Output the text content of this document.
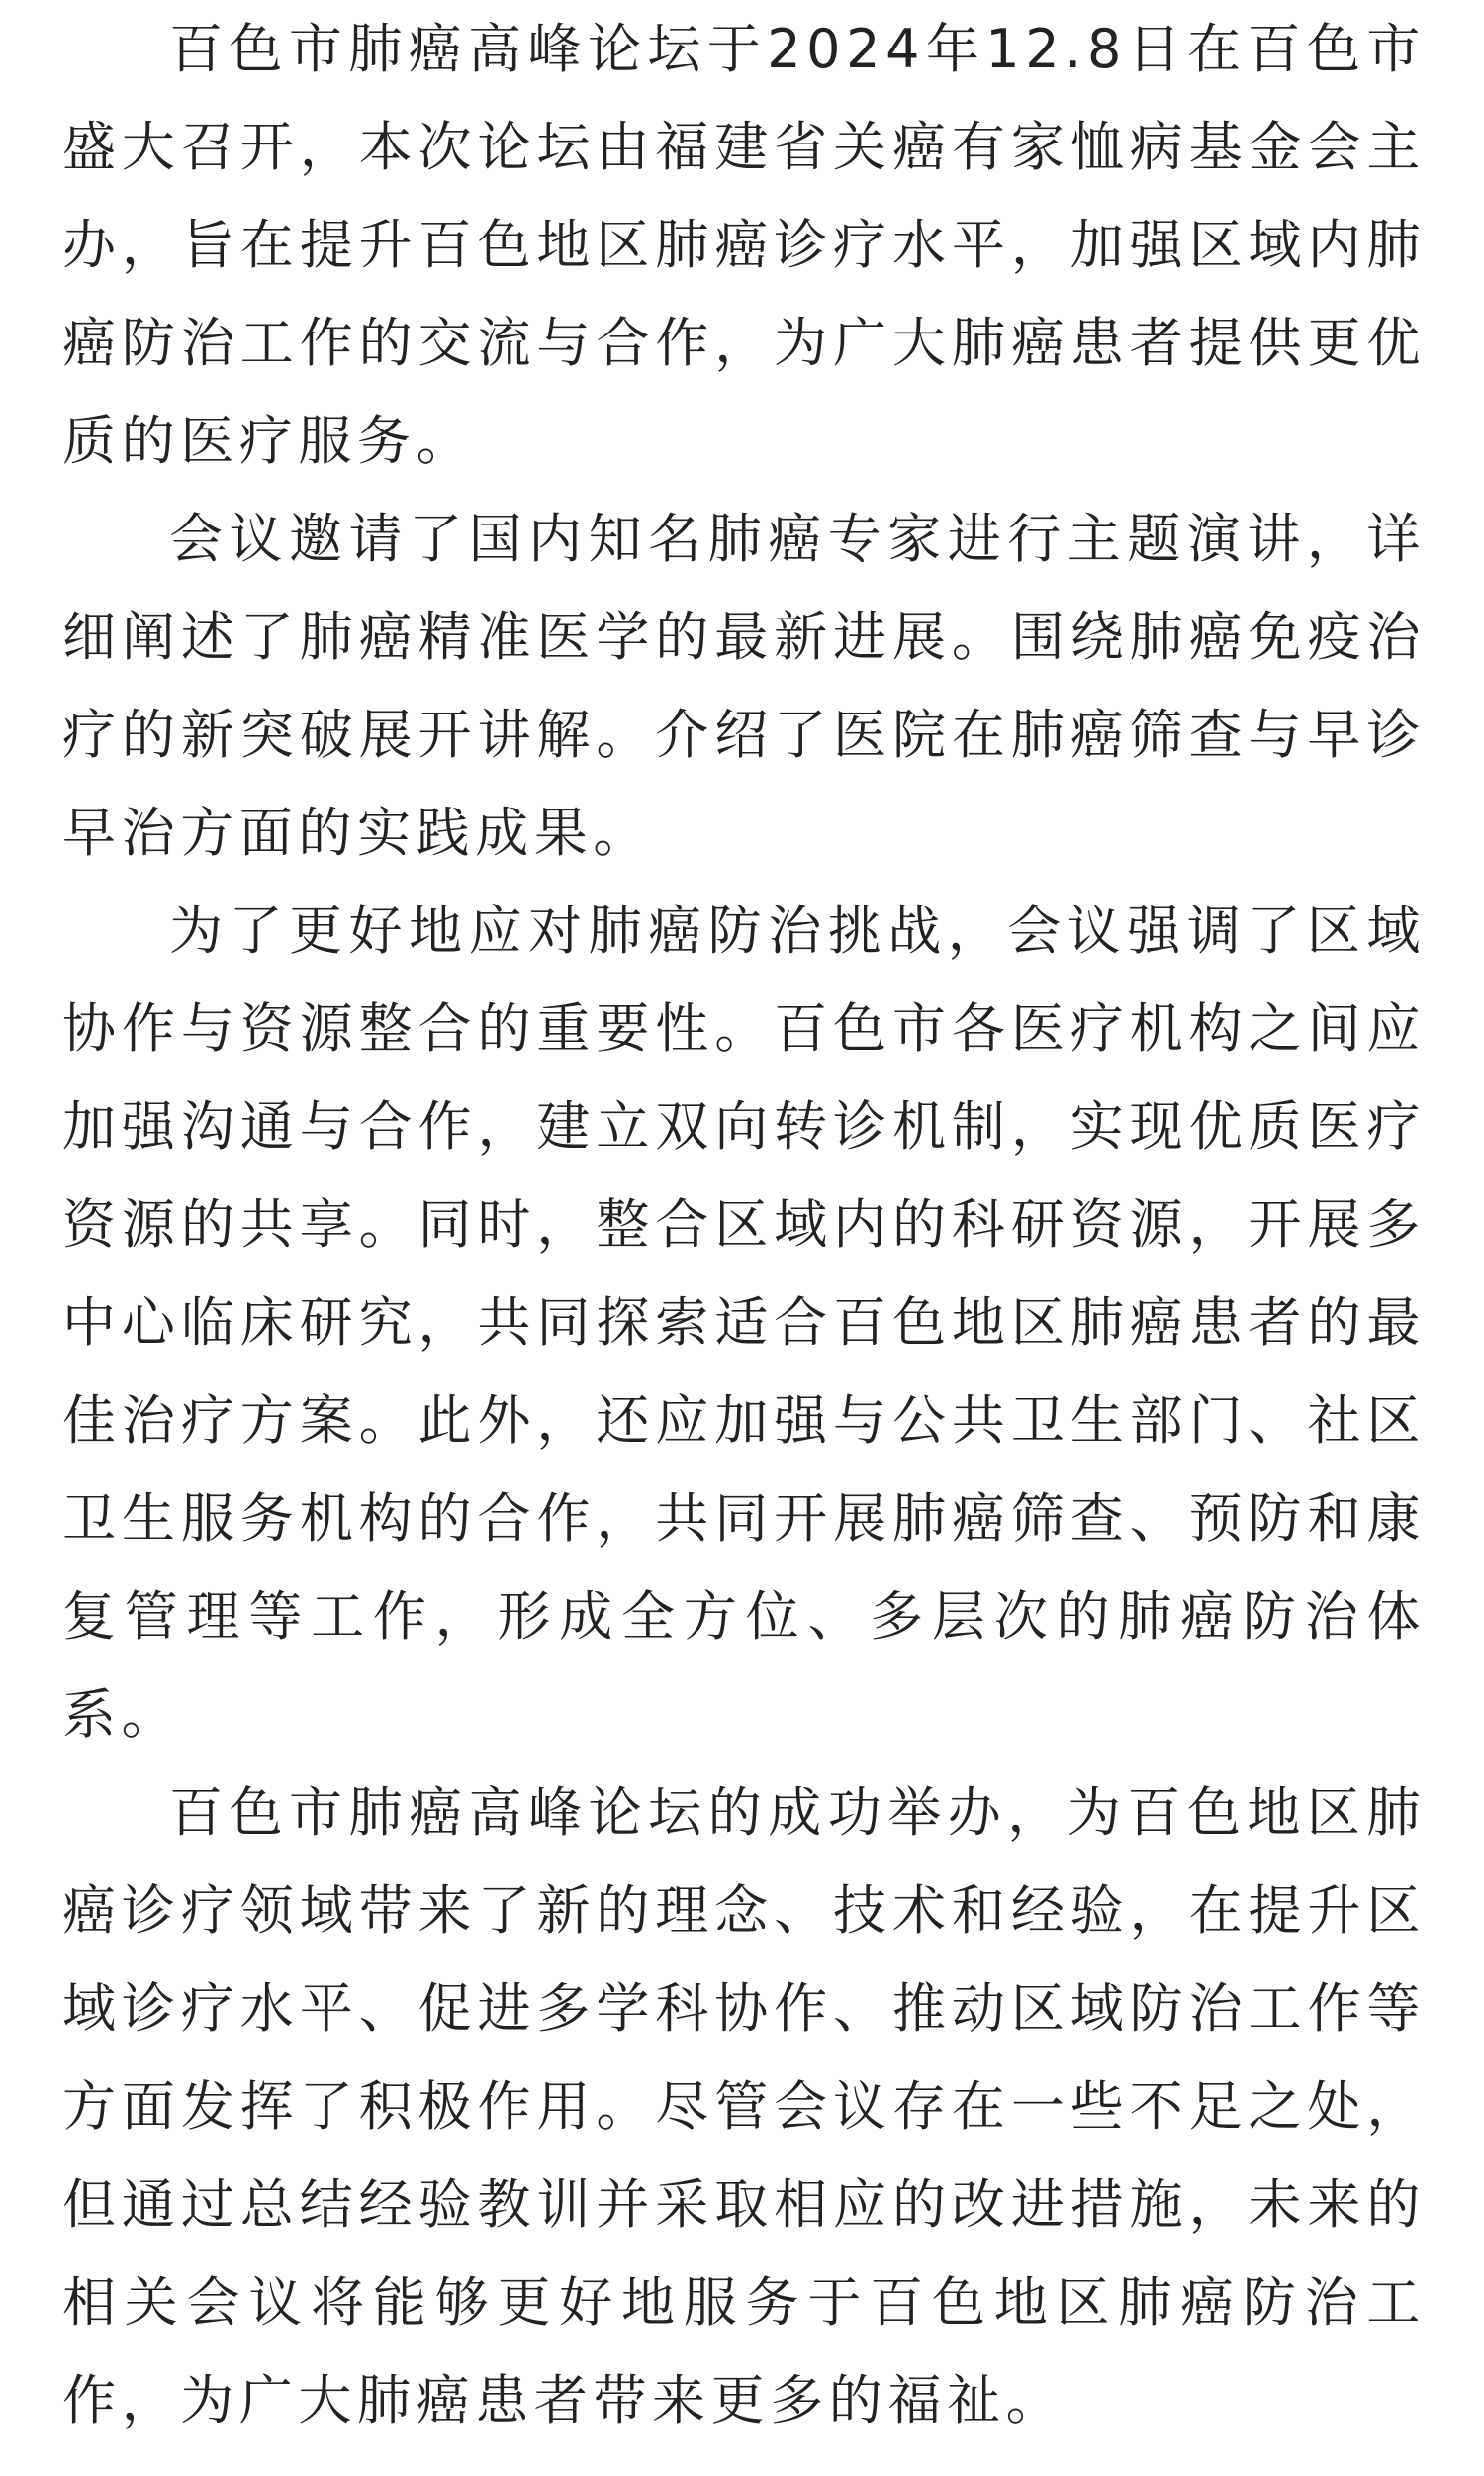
百色市肺癌高峰论坛于2024年12.8日在百色市盛大召开，本次论坛由福建省关癌有家恤病基金会主办，旨在提升百色地区肺癌诊疗水平，加强区域内肺癌防治工作的交流与合作，为广大肺癌患者提供更优质的医疗服务。

会议邀请了国内知名肺癌专家进行主题演讲，详细阐述了肺癌精准医学的最新进展。围绕肺癌免疫治疗的新突破展开讲解。介绍了医院在肺癌筛查与早诊早治方面的实践成果。

为了更好地应对肺癌防治挑战，会议强调了区域协作与资源整合的重要性。百色市各医疗机构之间应加强沟通与合作，建立双向转诊机制，实现优质医疗资源的共享。同时，整合区域内的科研资源，开展多中心临床研究，共同探索适合百色地区肺癌患者的最佳治疗方案。此外，还应加强与公共卫生部门、社区卫生服务机构的合作，共同开展肺癌筛查、预防和康复管理等工作，形成全方位、多层次的肺癌防治体系。

百色市肺癌高峰论坛的成功举办，为百色地区肺癌诊疗领域带来了新的理念、技术和经验，在提升区域诊疗水平、促进多学科协作、推动区域防治工作等方面发挥了积极作用。尽管会议存在一些不足之处，但通过总结经验教训并采取相应的改进措施，未来的相关会议将能够更好地服务于百色地区肺癌防治工作，为广大肺癌患者带来更多的福祉。
